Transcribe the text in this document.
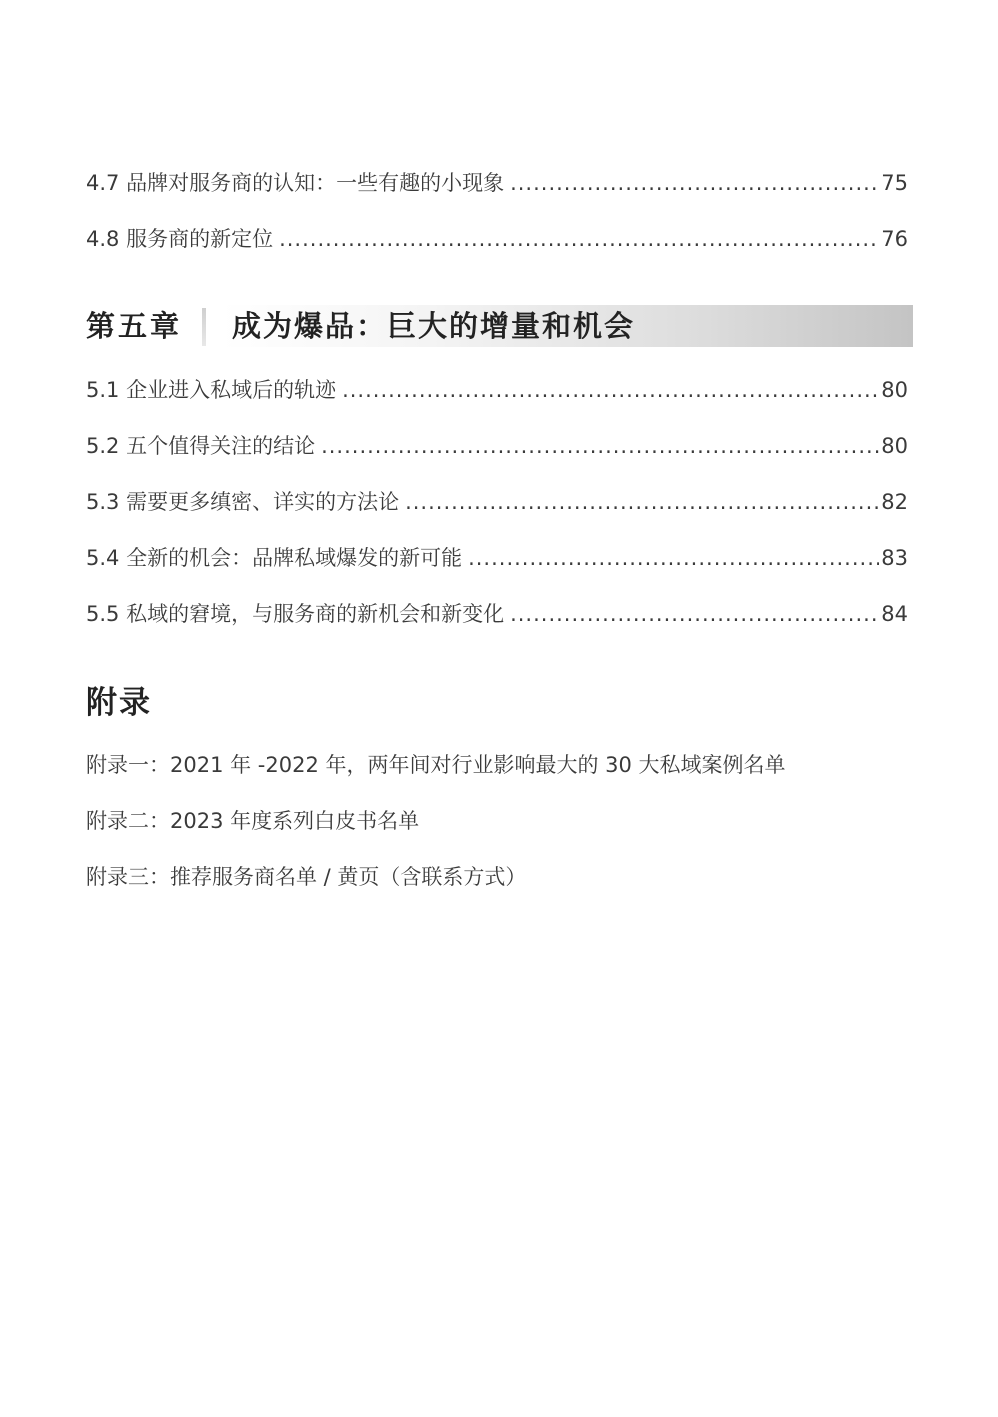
4.7 品牌对服务商的认知：一些有趣的小现象 .....	75
4.8 服务商的新定位 .....	76
第五章 成为爆品：巨大的增量和机会
5.1 企业进入私域后的轨迹 .....	80
5.2 五个值得关注的结论 .....	80
5.3 需要更多缜密、详实的方法论 .....	82
5.4 全新的机会：品牌私域爆发的新可能 .....	83
5.5 私域的窘境，与服务商的新机会和新变化 .....	84
附录
附录一：2021 年 -2022 年，两年间对行业影响最大的 30 大私域案例名单
附录二：2023 年度系列白皮书名单
附录三：推荐服务商名单 / 黄页（含联系方式）
